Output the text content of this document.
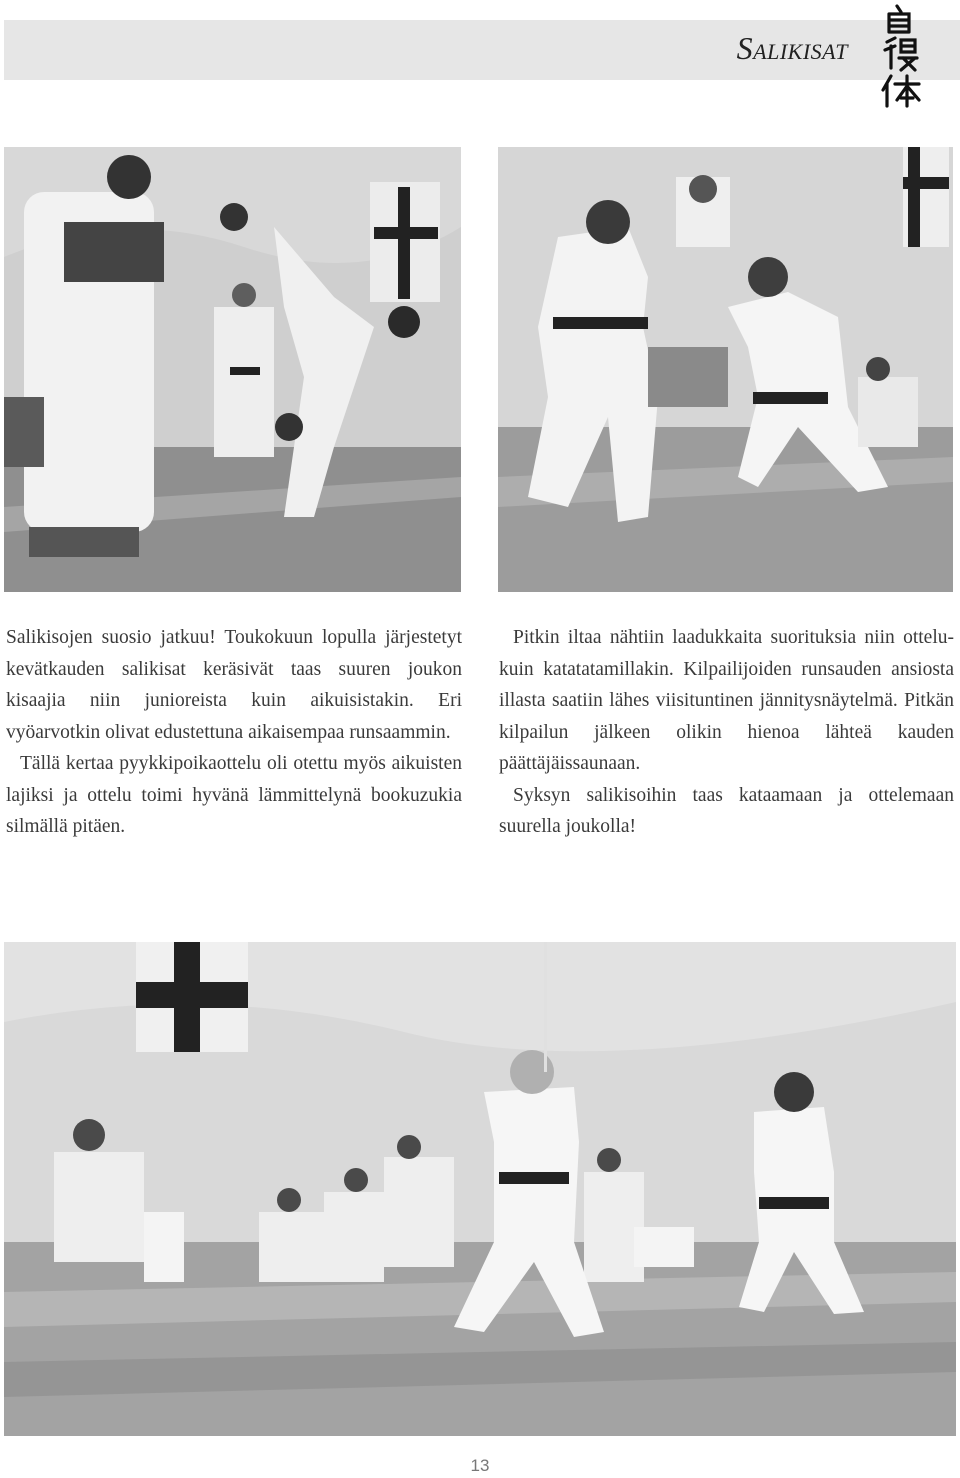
Salikisat

Salikisojen suosio jatkuu! Toukokuun lopulla järjestetyt kevätkauden salikisat keräsivät taas suuren joukon kisaajia niin junioreista kuin aikuisistakin. Eri vyöarvotkin olivat edustettuna aikaisempaa runsaammin.

Tällä kertaa pyykkipoikaottelu oli otettu myös aikuisten lajiksi ja ottelu toimi hyvänä lämmittelynä bookuzukia silmällä pitäen.

Pitkin iltaa nähtiin laadukkaita suorituksia niin ottelu- kuin katatatamillakin. Kilpailijoiden runsauden ansiosta illasta saatiin lähes viisituntinen jännitysnäytelmä. Pitkän kilpailun jälkeen olikin hienoa lähteä kauden päättäjäissaunaan.

Syksyn salikisoihin taas kataamaan ja ottelemaan suurella joukolla!

13
